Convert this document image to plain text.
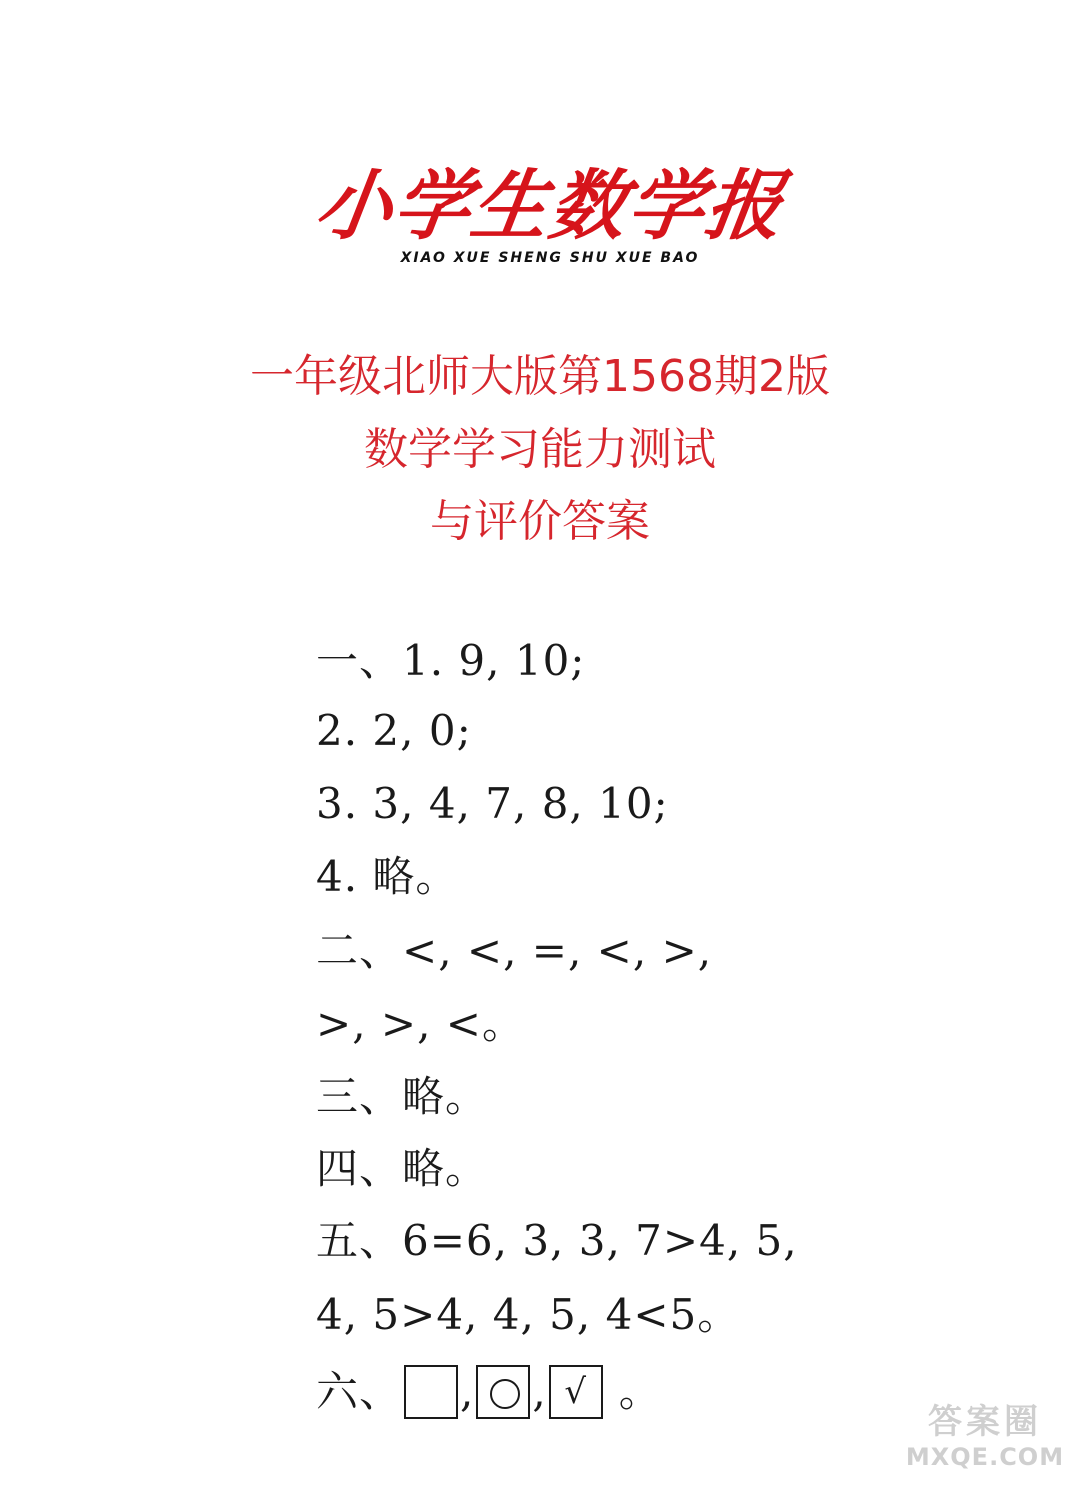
小学生数学报
XIAO XUE SHENG SHU XUE BAO
一年级北师大版第1568期2版
数学学习能力测试
与评价答案
一、1. 9, 10;
2. 2, 0;
3. 3, 4, 7, 8, 10;
4. 略。
二、<, <, =, <, >,
>, >, <。
三、略。
四、略。
五、6=6, 3, 3, 7>4, 5,
4, 5>4, 4, 5, 4<5。
六、 , , √ 。
答案圈
MXQE.COM
